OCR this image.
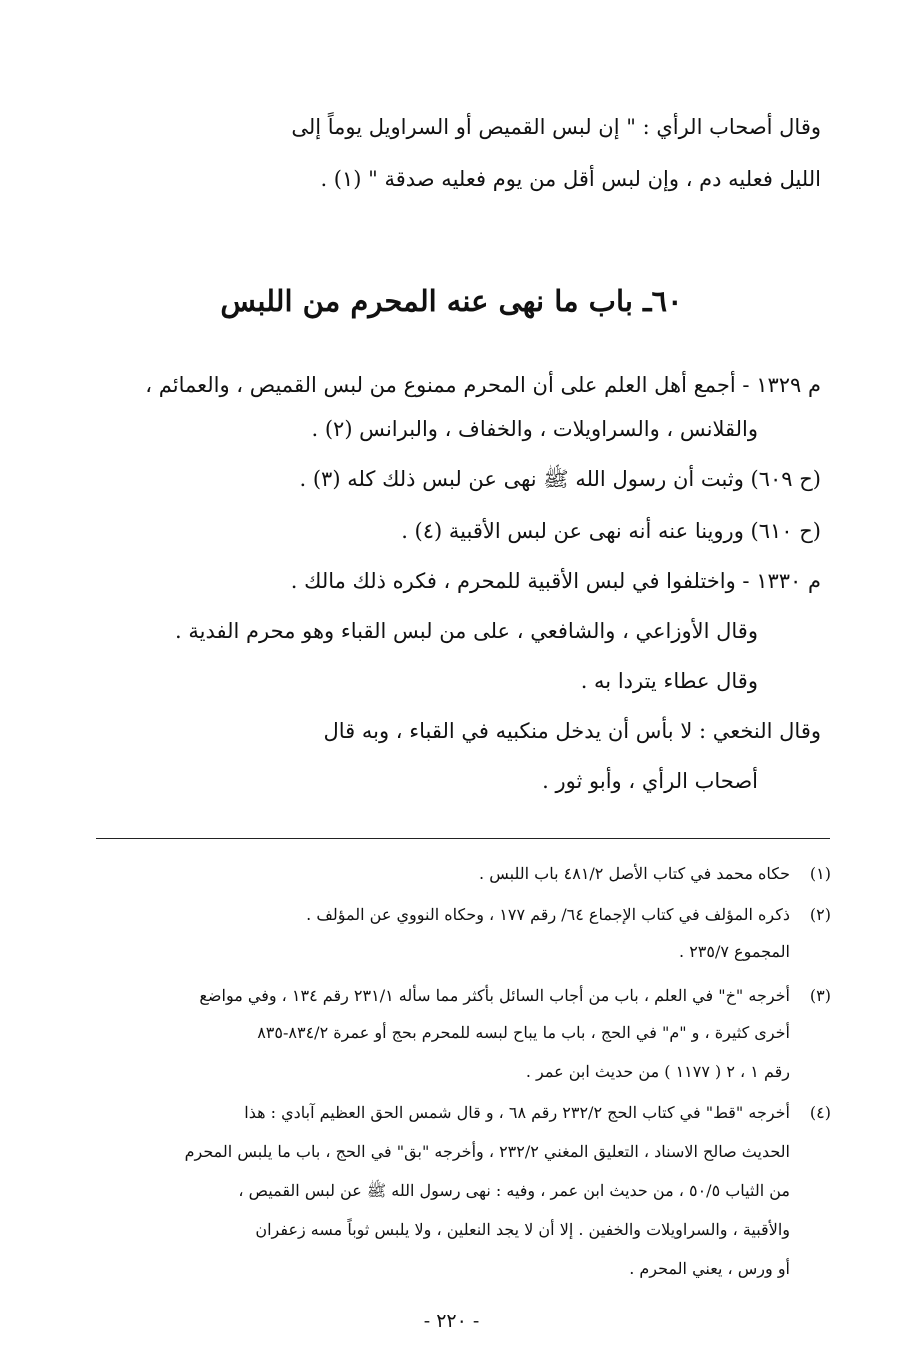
وقال أصحاب الرأي : " إن لبس القميص أو السراويل يوماً إلى

الليل فعليه دم ، وإن لبس أقل من يوم فعليه صدقة " (١) .

٦٠ـ باب ما نهى عنه المحرم من اللبس

م ١٣٢٩ - أجمع أهل العلم على أن المحرم ممنوع من لبس القميص ، والعمائم ،

والقلانس ، والسراويلات ، والخفاف ، والبرانس (٢) .

(ح ٦٠٩) وثبت أن رسول الله ﷺ نهى عن لبس ذلك كله (٣) .

(ح ٦١٠) وروينا عنه أنه نهى عن لبس الأقبية (٤) .

م ١٣٣٠ - واختلفوا في لبس الأقبية للمحرم ، فكره ذلك مالك .

وقال الأوزاعي ، والشافعي ، على من لبس القباء وهو محرم الفدية .

وقال عطاء يتردا به .

وقال النخعي : لا بأس أن يدخل منكبيه في القباء ، وبه قال

أصحاب الرأي ، وأبو ثور .

(١)

حكاه محمد في كتاب الأصل ٤٨١/٢ باب اللبس .

(٢)

ذكره المؤلف في كتاب الإجماع ٦٤/ رقم ١٧٧ ، وحكاه النووي عن المؤلف .

المجموع ٢٣٥/٧ .

(٣)

أخرجه "خ" في العلم ، باب من أجاب السائل بأكثر مما سأله ٢٣١/١ رقم ١٣٤ ، وفي مواضع

أخرى كثيرة ، و "م" في الحج ، باب ما يباح لبسه للمحرم بحج أو عمرة ٨٣٤/٢-٨٣٥

رقم ١ ، ٢ ( ١١٧٧ ) من حديث ابن عمر .

(٤)

أخرجه "قط" في كتاب الحج ٢٣٢/٢ رقم ٦٨ ، و قال شمس الحق العظيم آبادي : هذا

الحديث صالح الاسناد ، التعليق المغني ٢٣٢/٢ ، وأخرجه "بق" في الحج ، باب ما يلبس المحرم

من الثياب ٥٠/٥ ، من حديث ابن عمر ، وفيه : نهى رسول الله ﷺ عن لبس القميص ،

والأقبية ، والسراويلات والخفين . إلا أن لا يجد النعلين ، ولا يلبس ثوباً مسه زعفران

أو ورس ، يعني المحرم .

- ٢٢٠ -
